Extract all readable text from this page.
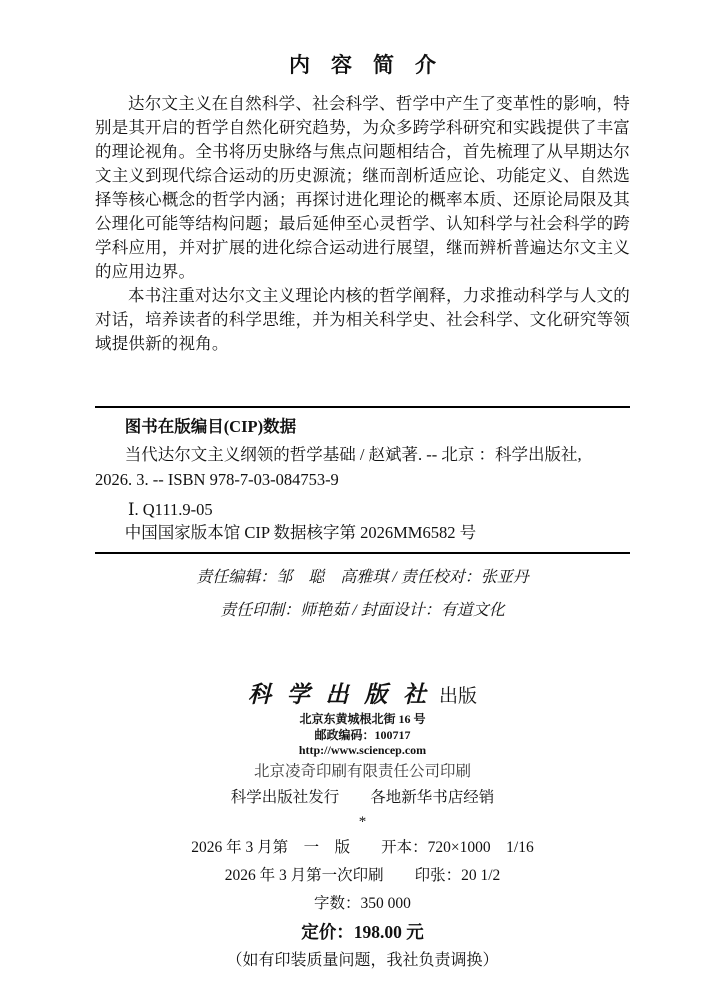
内　容　简　介

达尔文主义在自然科学、社会科学、哲学中产生了变革性的影响，特别是其开启的哲学自然化研究趋势，为众多跨学科研究和实践提供了丰富的理论视角。全书将历史脉络与焦点问题相结合，首先梳理了从早期达尔文主义到现代综合运动的历史源流；继而剖析适应论、功能定义、自然选择等核心概念的哲学内涵；再探讨进化理论的概率本质、还原论局限及其公理化可能等结构问题；最后延伸至心灵哲学、认知科学与社会科学的跨学科应用，并对扩展的进化综合运动进行展望，继而辨析普遍达尔文主义的应用边界。

本书注重对达尔文主义理论内核的哲学阐释，力求推动科学与人文的对话，培养读者的科学思维，并为相关科学史、社会科学、文化研究等领域提供新的视角。

图书在版编目(CIP)数据
当代达尔文主义纲领的哲学基础 / 赵斌著. -- 北京 ：科学出版社,
2026. 3. -- ISBN 978-7-03-084753-9
Ⅰ. Q111.9-05
中国国家版本馆 CIP 数据核字第 2026MM6582 号
责任编辑：邹　聪　高雅琪 / 责任校对：张亚丹
责任印制：师艳茹 / 封面设计：有道文化
科 学 出 版 社 出版
北京东黄城根北街 16 号
邮政编码：100717
http://www.sciencep.com
北京凌奇印刷有限责任公司印刷
科学出版社发行　　各地新华书店经销
*
2026 年 3 月第　一　版　　开本：720×1000　1/16
2026 年 3 月第一次印刷　　印张：20 1/2
字数：350 000
定价：198.00 元
（如有印装质量问题，我社负责调换）
